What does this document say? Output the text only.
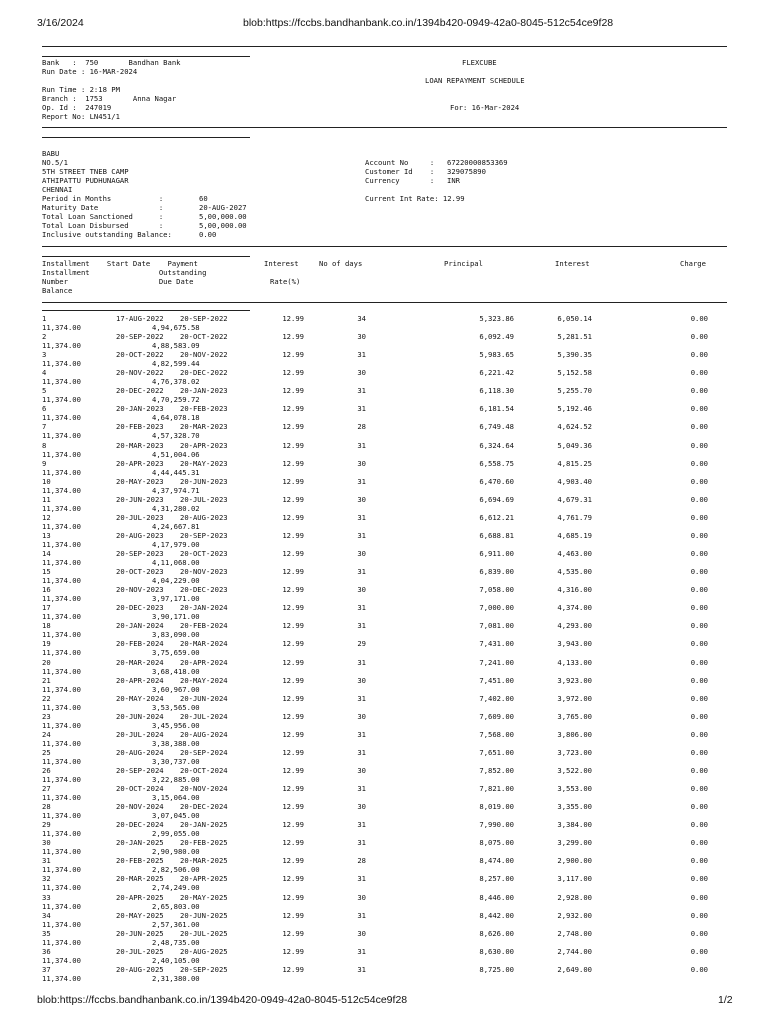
3/16/2024	blob:https://fccbs.bandhanbank.co.in/1394b420-0949-42a0-8045-512c54ce9f28
blob:https://fccbs.bandhanbank.co.in/1394b420-0949-42a0-8045-512c54ce9f28	1/2
Bank   :  750       Bandhan Bank
Run Date : 16-MAR-2024
FLEXCUBE
LOAN REPAYMENT SCHEDULE
Run Time : 2:18 PM
Branch :  1753       Anna Nagar
Op. Id :  247019	For: 16-Mar-2024
Report No: LN451/1
BABU
NO.5/1
5TH STREET TNEB CAMP
ATHIPATTU PUDHUNAGAR
CHENNAI
Period in Months           :	60
Maturity Date              :	20-AUG-2027
Total Loan Sanctioned      :	5,00,000.00
Total Loan Disbursed       :	5,00,000.00
Inclusive outstanding Balance:	0.00
Account No     : 67220000853369
Customer Id    : 329075890
Currency       : INR
Current Int Rate: 12.99
Installment    Start Date    Payment
Installment                Outstanding
Number                     Due Date
Balance
Interest
Rate(%)
No of days	Principal	Interest	Charge
1	17-AUG-2022 20-SEP-2022	12.99	34	5,323.86	6,050.14	0.00
11,374.00	4,94,675.58
2	20-SEP-2022 20-OCT-2022	12.99	30	6,092.49	5,281.51	0.00
11,374.00	4,88,583.09
3	20-OCT-2022 20-NOV-2022	12.99	31	5,983.65	5,390.35	0.00
11,374.00	4,82,599.44
4	20-NOV-2022 20-DEC-2022	12.99	30	6,221.42	5,152.58	0.00
11,374.00	4,76,378.02
5	20-DEC-2022 20-JAN-2023	12.99	31	6,118.30	5,255.70	0.00
11,374.00	4,70,259.72
6	20-JAN-2023 20-FEB-2023	12.99	31	6,181.54	5,192.46	0.00
11,374.00	4,64,078.18
7	20-FEB-2023 20-MAR-2023	12.99	28	6,749.48	4,624.52	0.00
11,374.00	4,57,328.70
8	20-MAR-2023 20-APR-2023	12.99	31	6,324.64	5,049.36	0.00
11,374.00	4,51,004.06
9	20-APR-2023 20-MAY-2023	12.99	30	6,558.75	4,815.25	0.00
11,374.00	4,44,445.31
10	20-MAY-2023 20-JUN-2023	12.99	31	6,470.60	4,903.40	0.00
11,374.00	4,37,974.71
11	20-JUN-2023 20-JUL-2023	12.99	30	6,694.69	4,679.31	0.00
11,374.00	4,31,280.02
12	20-JUL-2023 20-AUG-2023	12.99	31	6,612.21	4,761.79	0.00
11,374.00	4,24,667.81
13	20-AUG-2023 20-SEP-2023	12.99	31	6,688.81	4,685.19	0.00
11,374.00	4,17,979.00
14	20-SEP-2023 20-OCT-2023	12.99	30	6,911.00	4,463.00	0.00
11,374.00	4,11,068.00
15	20-OCT-2023 20-NOV-2023	12.99	31	6,839.00	4,535.00	0.00
11,374.00	4,04,229.00
16	20-NOV-2023 20-DEC-2023	12.99	30	7,058.00	4,316.00	0.00
11,374.00	3,97,171.00
17	20-DEC-2023 20-JAN-2024	12.99	31	7,000.00	4,374.00	0.00
11,374.00	3,90,171.00
18	20-JAN-2024 20-FEB-2024	12.99	31	7,081.00	4,293.00	0.00
11,374.00	3,83,090.00
19	20-FEB-2024 20-MAR-2024	12.99	29	7,431.00	3,943.00	0.00
11,374.00	3,75,659.00
20	20-MAR-2024 20-APR-2024	12.99	31	7,241.00	4,133.00	0.00
11,374.00	3,68,418.00
21	20-APR-2024 20-MAY-2024	12.99	30	7,451.00	3,923.00	0.00
11,374.00	3,60,967.00
22	20-MAY-2024 20-JUN-2024	12.99	31	7,402.00	3,972.00	0.00
11,374.00	3,53,565.00
23	20-JUN-2024 20-JUL-2024	12.99	30	7,609.00	3,765.00	0.00
11,374.00	3,45,956.00
24	20-JUL-2024 20-AUG-2024	12.99	31	7,568.00	3,806.00	0.00
11,374.00	3,38,388.00
25	20-AUG-2024 20-SEP-2024	12.99	31	7,651.00	3,723.00	0.00
11,374.00	3,30,737.00
26	20-SEP-2024 20-OCT-2024	12.99	30	7,852.00	3,522.00	0.00
11,374.00	3,22,885.00
27	20-OCT-2024 20-NOV-2024	12.99	31	7,821.00	3,553.00	0.00
11,374.00	3,15,064.00
28	20-NOV-2024 20-DEC-2024	12.99	30	8,019.00	3,355.00	0.00
11,374.00	3,07,045.00
29	20-DEC-2024 20-JAN-2025	12.99	31	7,990.00	3,384.00	0.00
11,374.00	2,99,055.00
30	20-JAN-2025 20-FEB-2025	12.99	31	8,075.00	3,299.00	0.00
11,374.00	2,90,980.00
31	20-FEB-2025 20-MAR-2025	12.99	28	8,474.00	2,900.00	0.00
11,374.00	2,82,506.00
32	20-MAR-2025 20-APR-2025	12.99	31	8,257.00	3,117.00	0.00
11,374.00	2,74,249.00
33	20-APR-2025 20-MAY-2025	12.99	30	8,446.00	2,928.00	0.00
11,374.00	2,65,803.00
34	20-MAY-2025 20-JUN-2025	12.99	31	8,442.00	2,932.00	0.00
11,374.00	2,57,361.00
35	20-JUN-2025 20-JUL-2025	12.99	30	8,626.00	2,748.00	0.00
11,374.00	2,48,735.00
36	20-JUL-2025 20-AUG-2025	12.99	31	8,630.00	2,744.00	0.00
11,374.00	2,40,105.00
37	20-AUG-2025 20-SEP-2025	12.99	31	8,725.00	2,649.00	0.00
11,374.00	2,31,380.00
